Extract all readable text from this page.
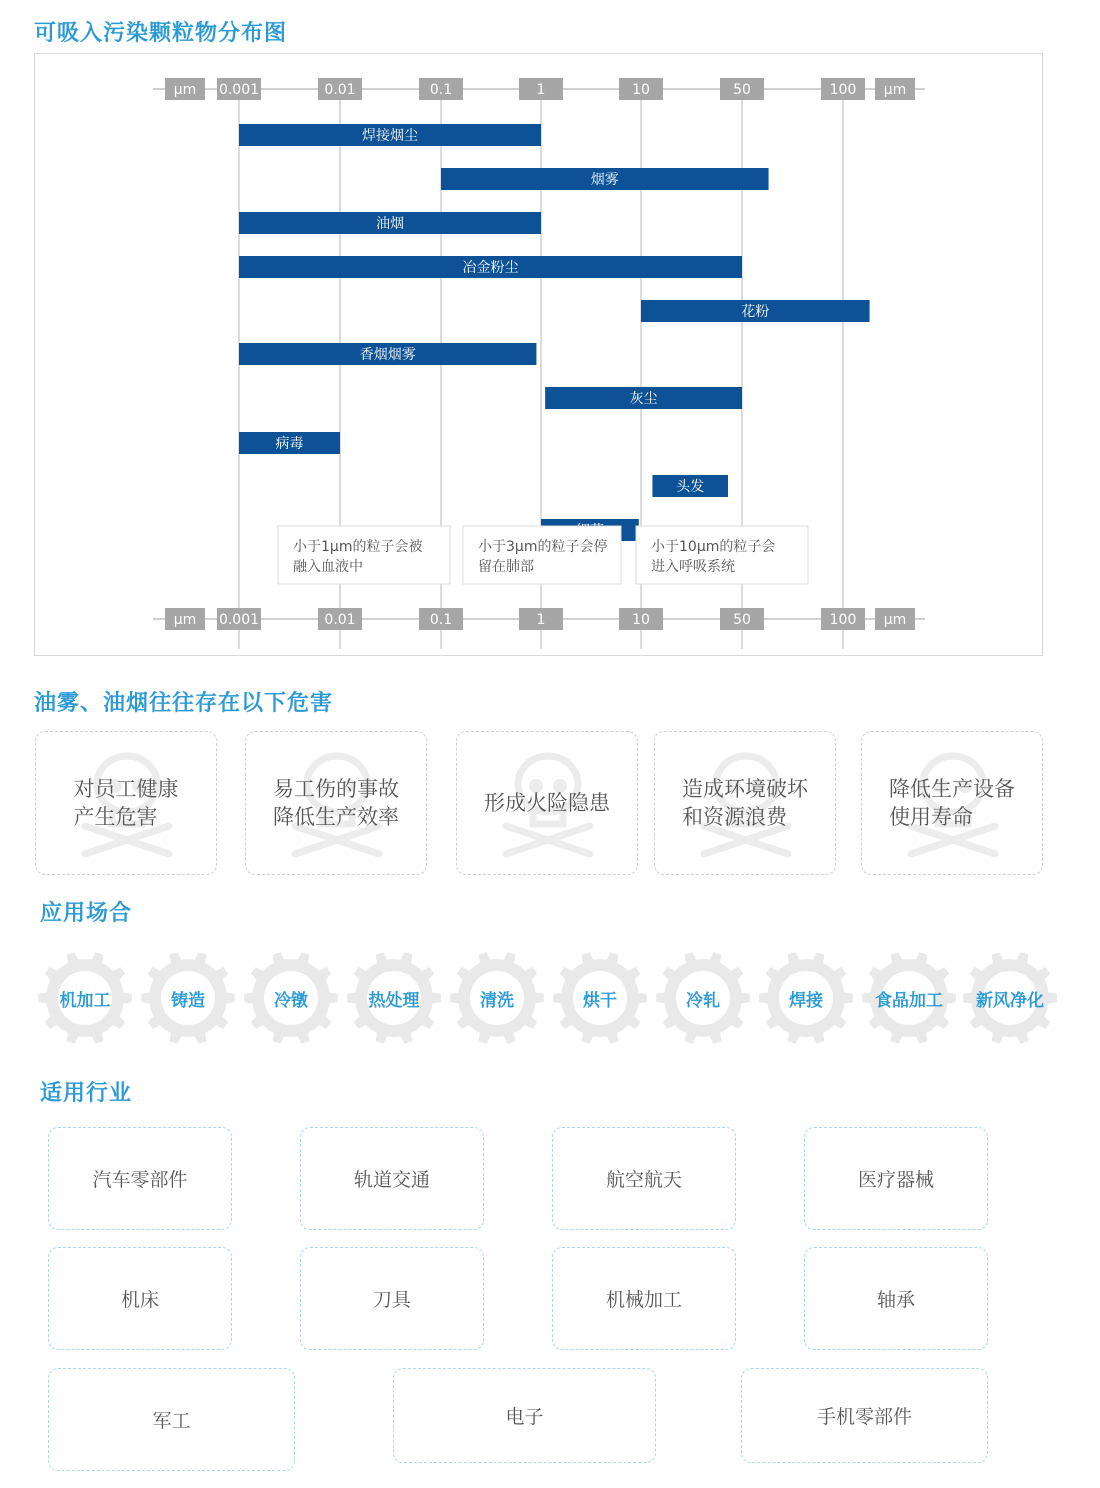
可吸入污染颗粒物分布图
μm 0.001	0.01	0.1	1	10	50	100 μm
μm 0.001	0.01	0.1	1	10	50	100 μm
焊接烟尘
烟雾
油烟
冶金粉尘
花粉
香烟烟雾
灰尘
病毒
头发
小于1μm的粒子会被
融入血液中
小于3μm的粒子会停
留在肺部
小于10μm的粒子会
进入呼吸系统
油雾、油烟往往存在以下危害
对员工健康
产生危害
易工伤的事故
降低生产效率
形成火险隐患
造成环境破坏
和资源浪费
降低生产设备
使用寿命
应用场合
机加工	铸造	冷镦	热处理	清洗	烘干	冷轧	焊接	食品加工	新风净化
适用行业
汽车零部件	轨道交通	航空航天	医疗器械
机床	刀具	机械加工	轴承
军工	电子	手机零部件
